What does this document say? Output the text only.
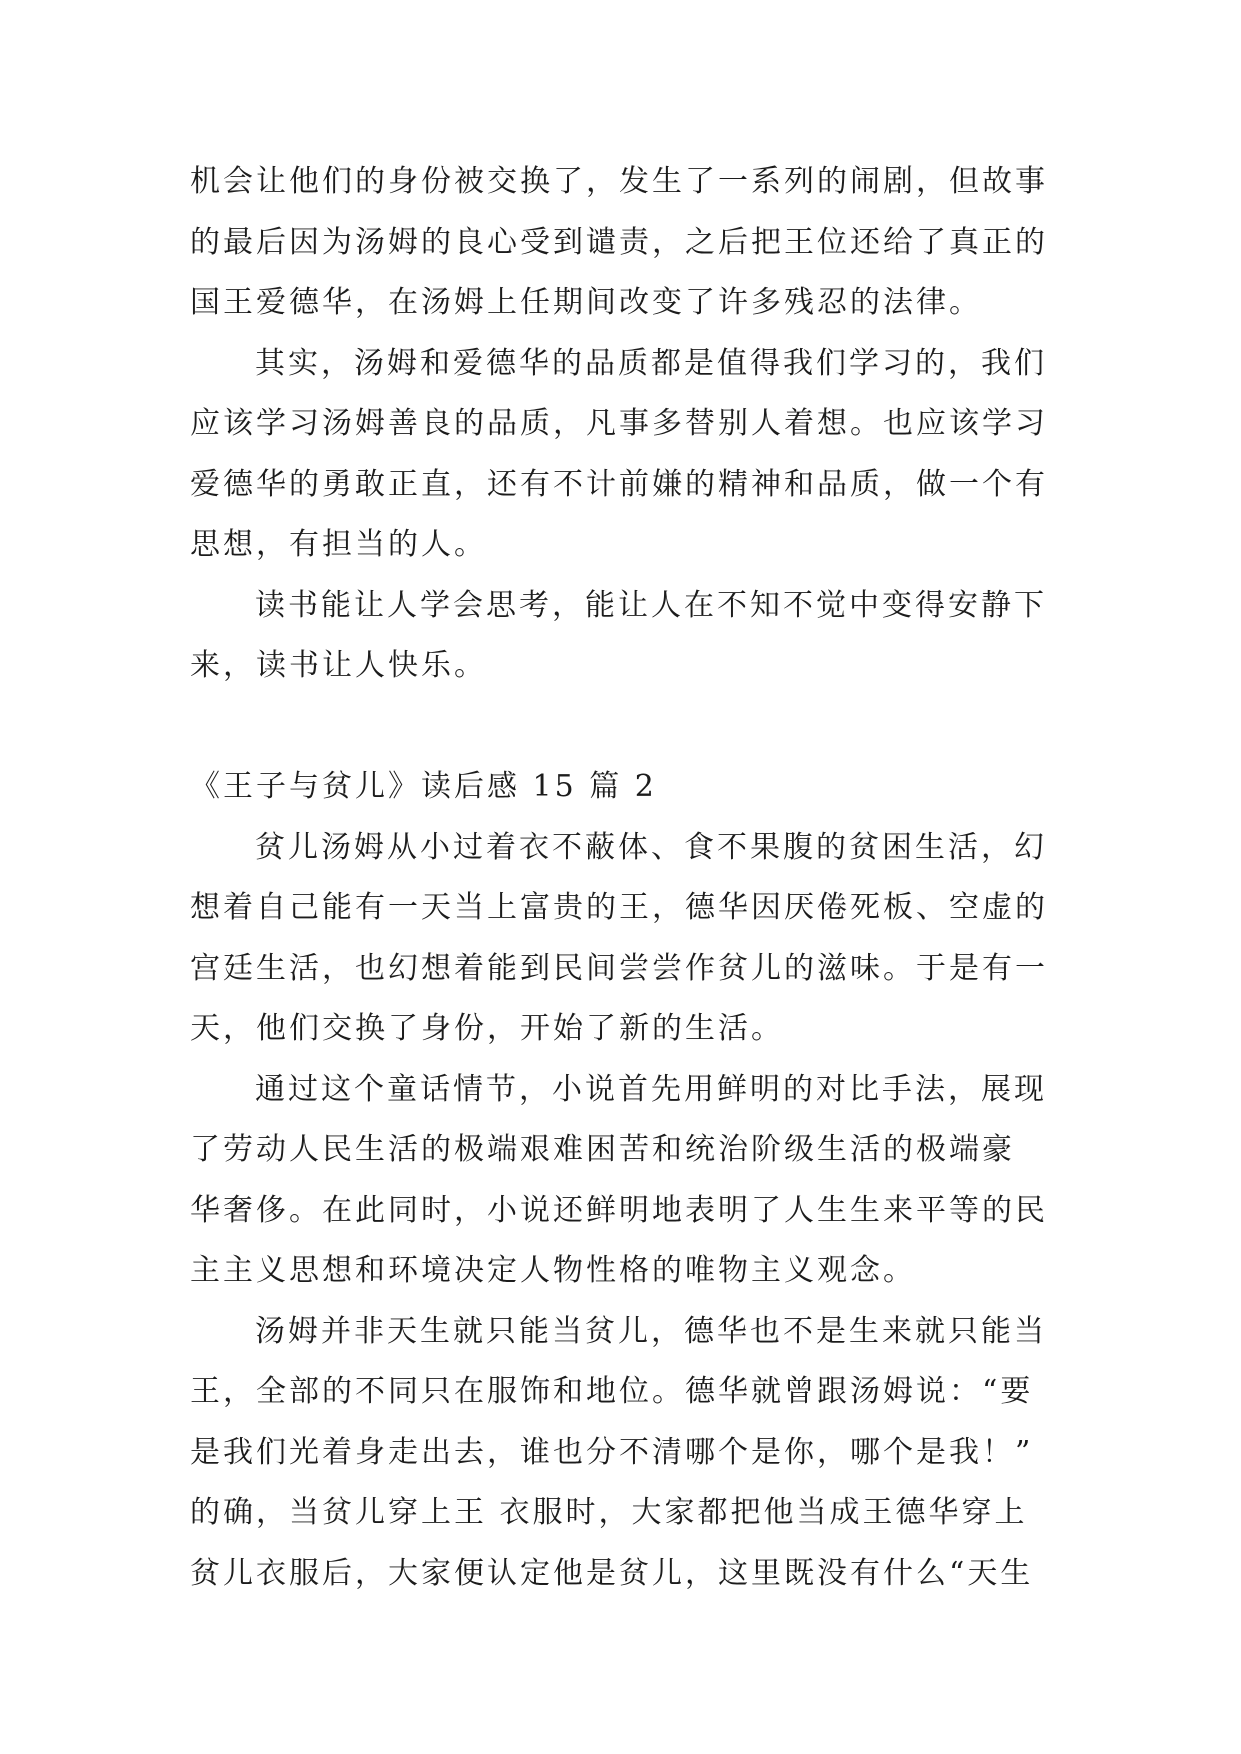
机会让他们的身份被交换了，发生了一系列的闹剧，但故事
的最后因为汤姆的良心受到谴责，之后把王位还给了真正的
国王爱德华，在汤姆上任期间改变了许多残忍的法律。
其实，汤姆和爱德华的品质都是值得我们学习的，我们
应该学习汤姆善良的品质，凡事多替别人着想。也应该学习
爱德华的勇敢正直，还有不计前嫌的精神和品质，做一个有
思想，有担当的人。
读书能让人学会思考，能让人在不知不觉中变得安静下
来，读书让人快乐。
《王子与贫儿》读后感 15 篇 2
贫儿汤姆从小过着衣不蔽体、食不果腹的贫困生活，幻
想着自己能有一天当上富贵的王，德华因厌倦死板、空虚的
宫廷生活，也幻想着能到民间尝尝作贫儿的滋味。于是有一
天，他们交换了身份，开始了新的生活。
通过这个童话情节，小说首先用鲜明的对比手法，展现
了劳动人民生活的极端艰难困苦和统治阶级生活的极端豪
华奢侈。在此同时，小说还鲜明地表明了人生生来平等的民
主主义思想和环境决定人物性格的唯物主义观念。
汤姆并非天生就只能当贫儿，德华也不是生来就只能当
王，全部的不同只在服饰和地位。德华就曾跟汤姆说：“要
是我们光着身走出去，谁也分不清哪个是你，哪个是我！”
的确，当贫儿穿上王 衣服时，大家都把他当成王德华穿上
贫儿衣服后，大家便认定他是贫儿，这里既没有什么“天生
